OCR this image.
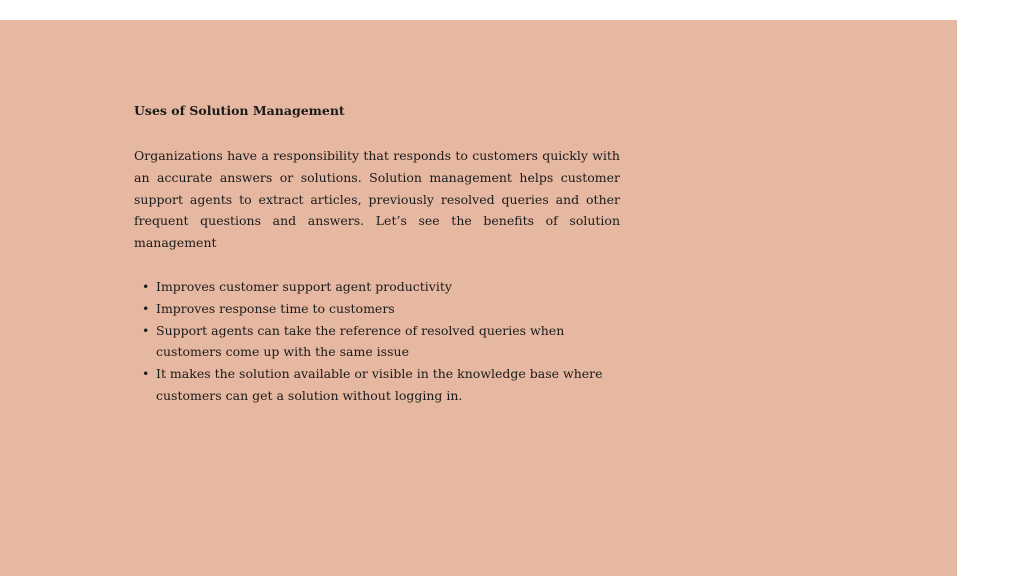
Uses of Solution Management

Organizations have a responsibility that responds to customers quickly with an accurate answers or solutions. Solution management helps customer support agents to extract articles, previously resolved queries and other frequent questions and answers. Let’s see the benefits of solution management

• Improves customer support agent productivity
• Improves response time to customers
• Support agents can take the reference of resolved queries when customers come up with the same issue
• It makes the solution available or visible in the knowledge base where customers can get a solution without logging in.
